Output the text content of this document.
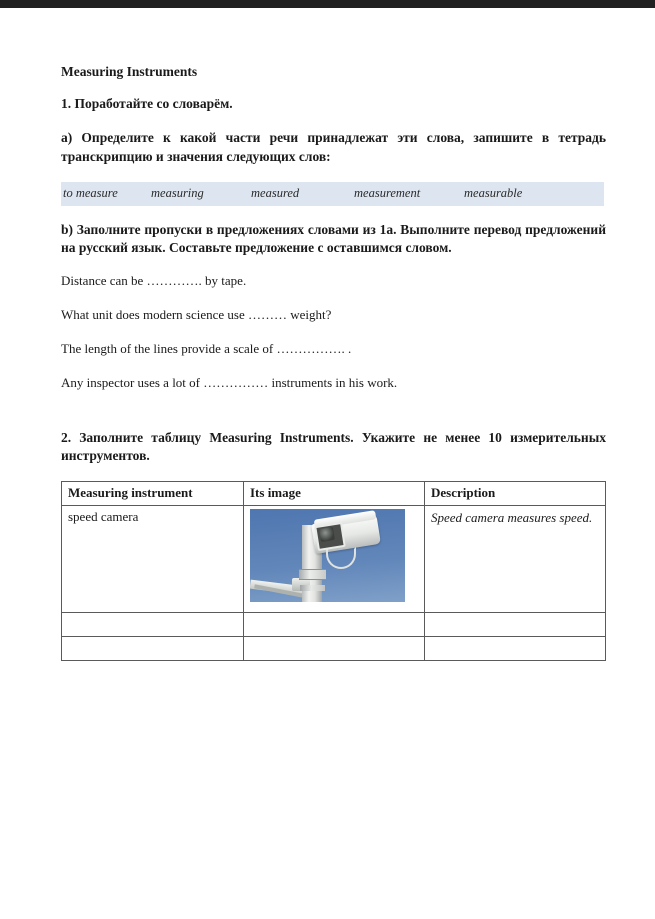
Measuring Instruments

1. Поработайте со словарём.

a) Определите к какой части речи принадлежат эти слова, запишите в тетрадь транскрипцию и значения следующих слов:

to measure	measuring	measured	measurement	measurable

b) Заполните пропуски в предложениях словами из 1a. Выполните перевод предложений на русский язык. Составьте предложение с оставшимся словом.

Distance can be …………. by tape.

What unit does modern science use ……… weight?

The length of the lines provide a scale of ……………. .

Any inspector uses a lot of …………… instruments in his work.

2. Заполните таблицу Measuring Instruments. Укажите не менее 10 измерительных инструментов.

Measuring instrument	Its image	Description
speed camera		Speed camera measures speed.
